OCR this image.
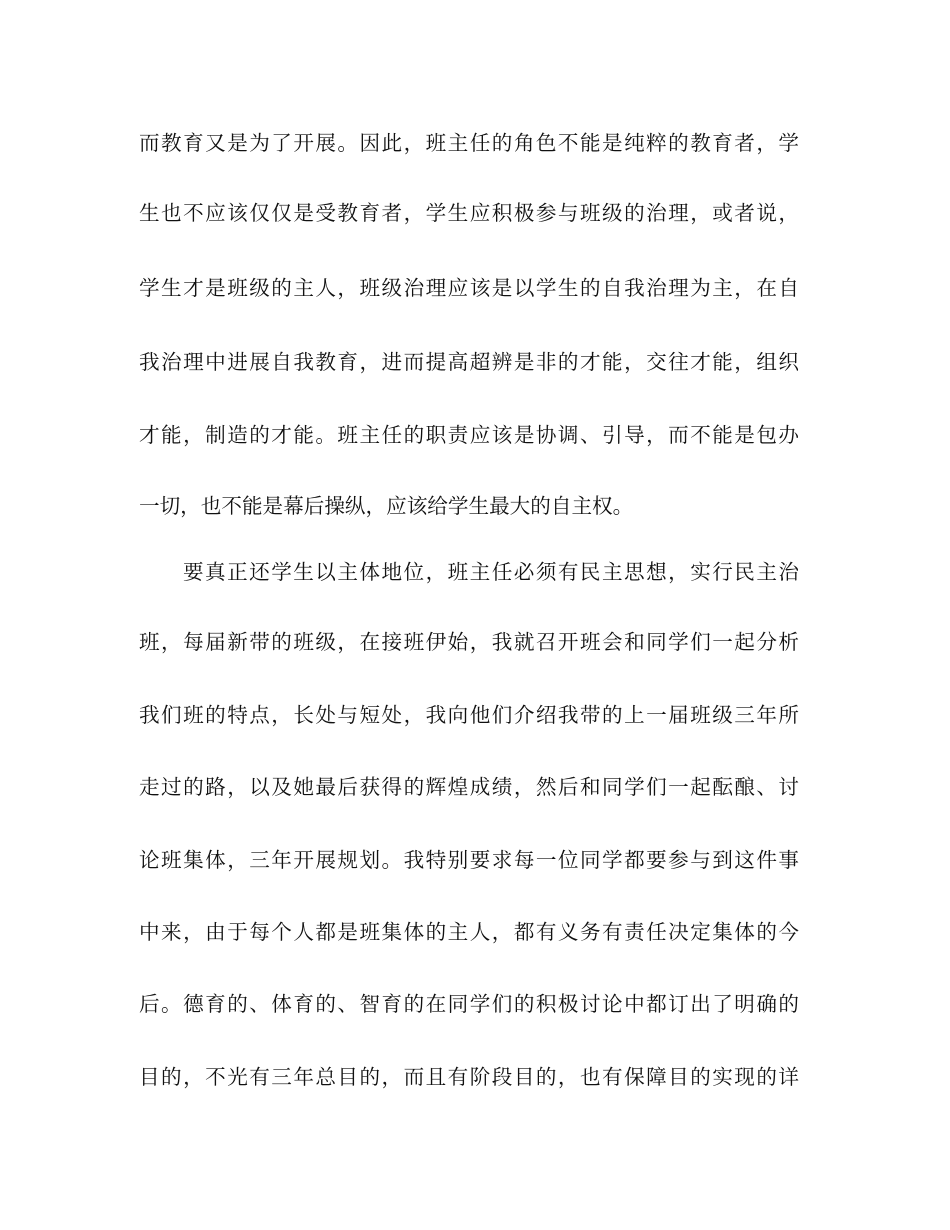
而教育又是为了开展。因此，班主任的角色不能是纯粹的教育者，学
生也不应该仅仅是受教育者，学生应积极参与班级的治理，或者说，
学生才是班级的主人，班级治理应该是以学生的自我治理为主，在自
我治理中进展自我教育，进而提高超辨是非的才能，交往才能，组织
才能，制造的才能。班主任的职责应该是协调、引导，而不能是包办
一切，也不能是幕后操纵，应该给学生最大的自主权。
要真正还学生以主体地位，班主任必须有民主思想，实行民主治
班，每届新带的班级，在接班伊始，我就召开班会和同学们一起分析
我们班的特点，长处与短处，我向他们介绍我带的上一届班级三年所
走过的路，以及她最后获得的辉煌成绩，然后和同学们一起酝酿、讨
论班集体，三年开展规划。我特别要求每一位同学都要参与到这件事
中来，由于每个人都是班集体的主人，都有义务有责任决定集体的今
后。德育的、体育的、智育的在同学们的积极讨论中都订出了明确的
目的，不光有三年总目的，而且有阶段目的，也有保障目的实现的详
